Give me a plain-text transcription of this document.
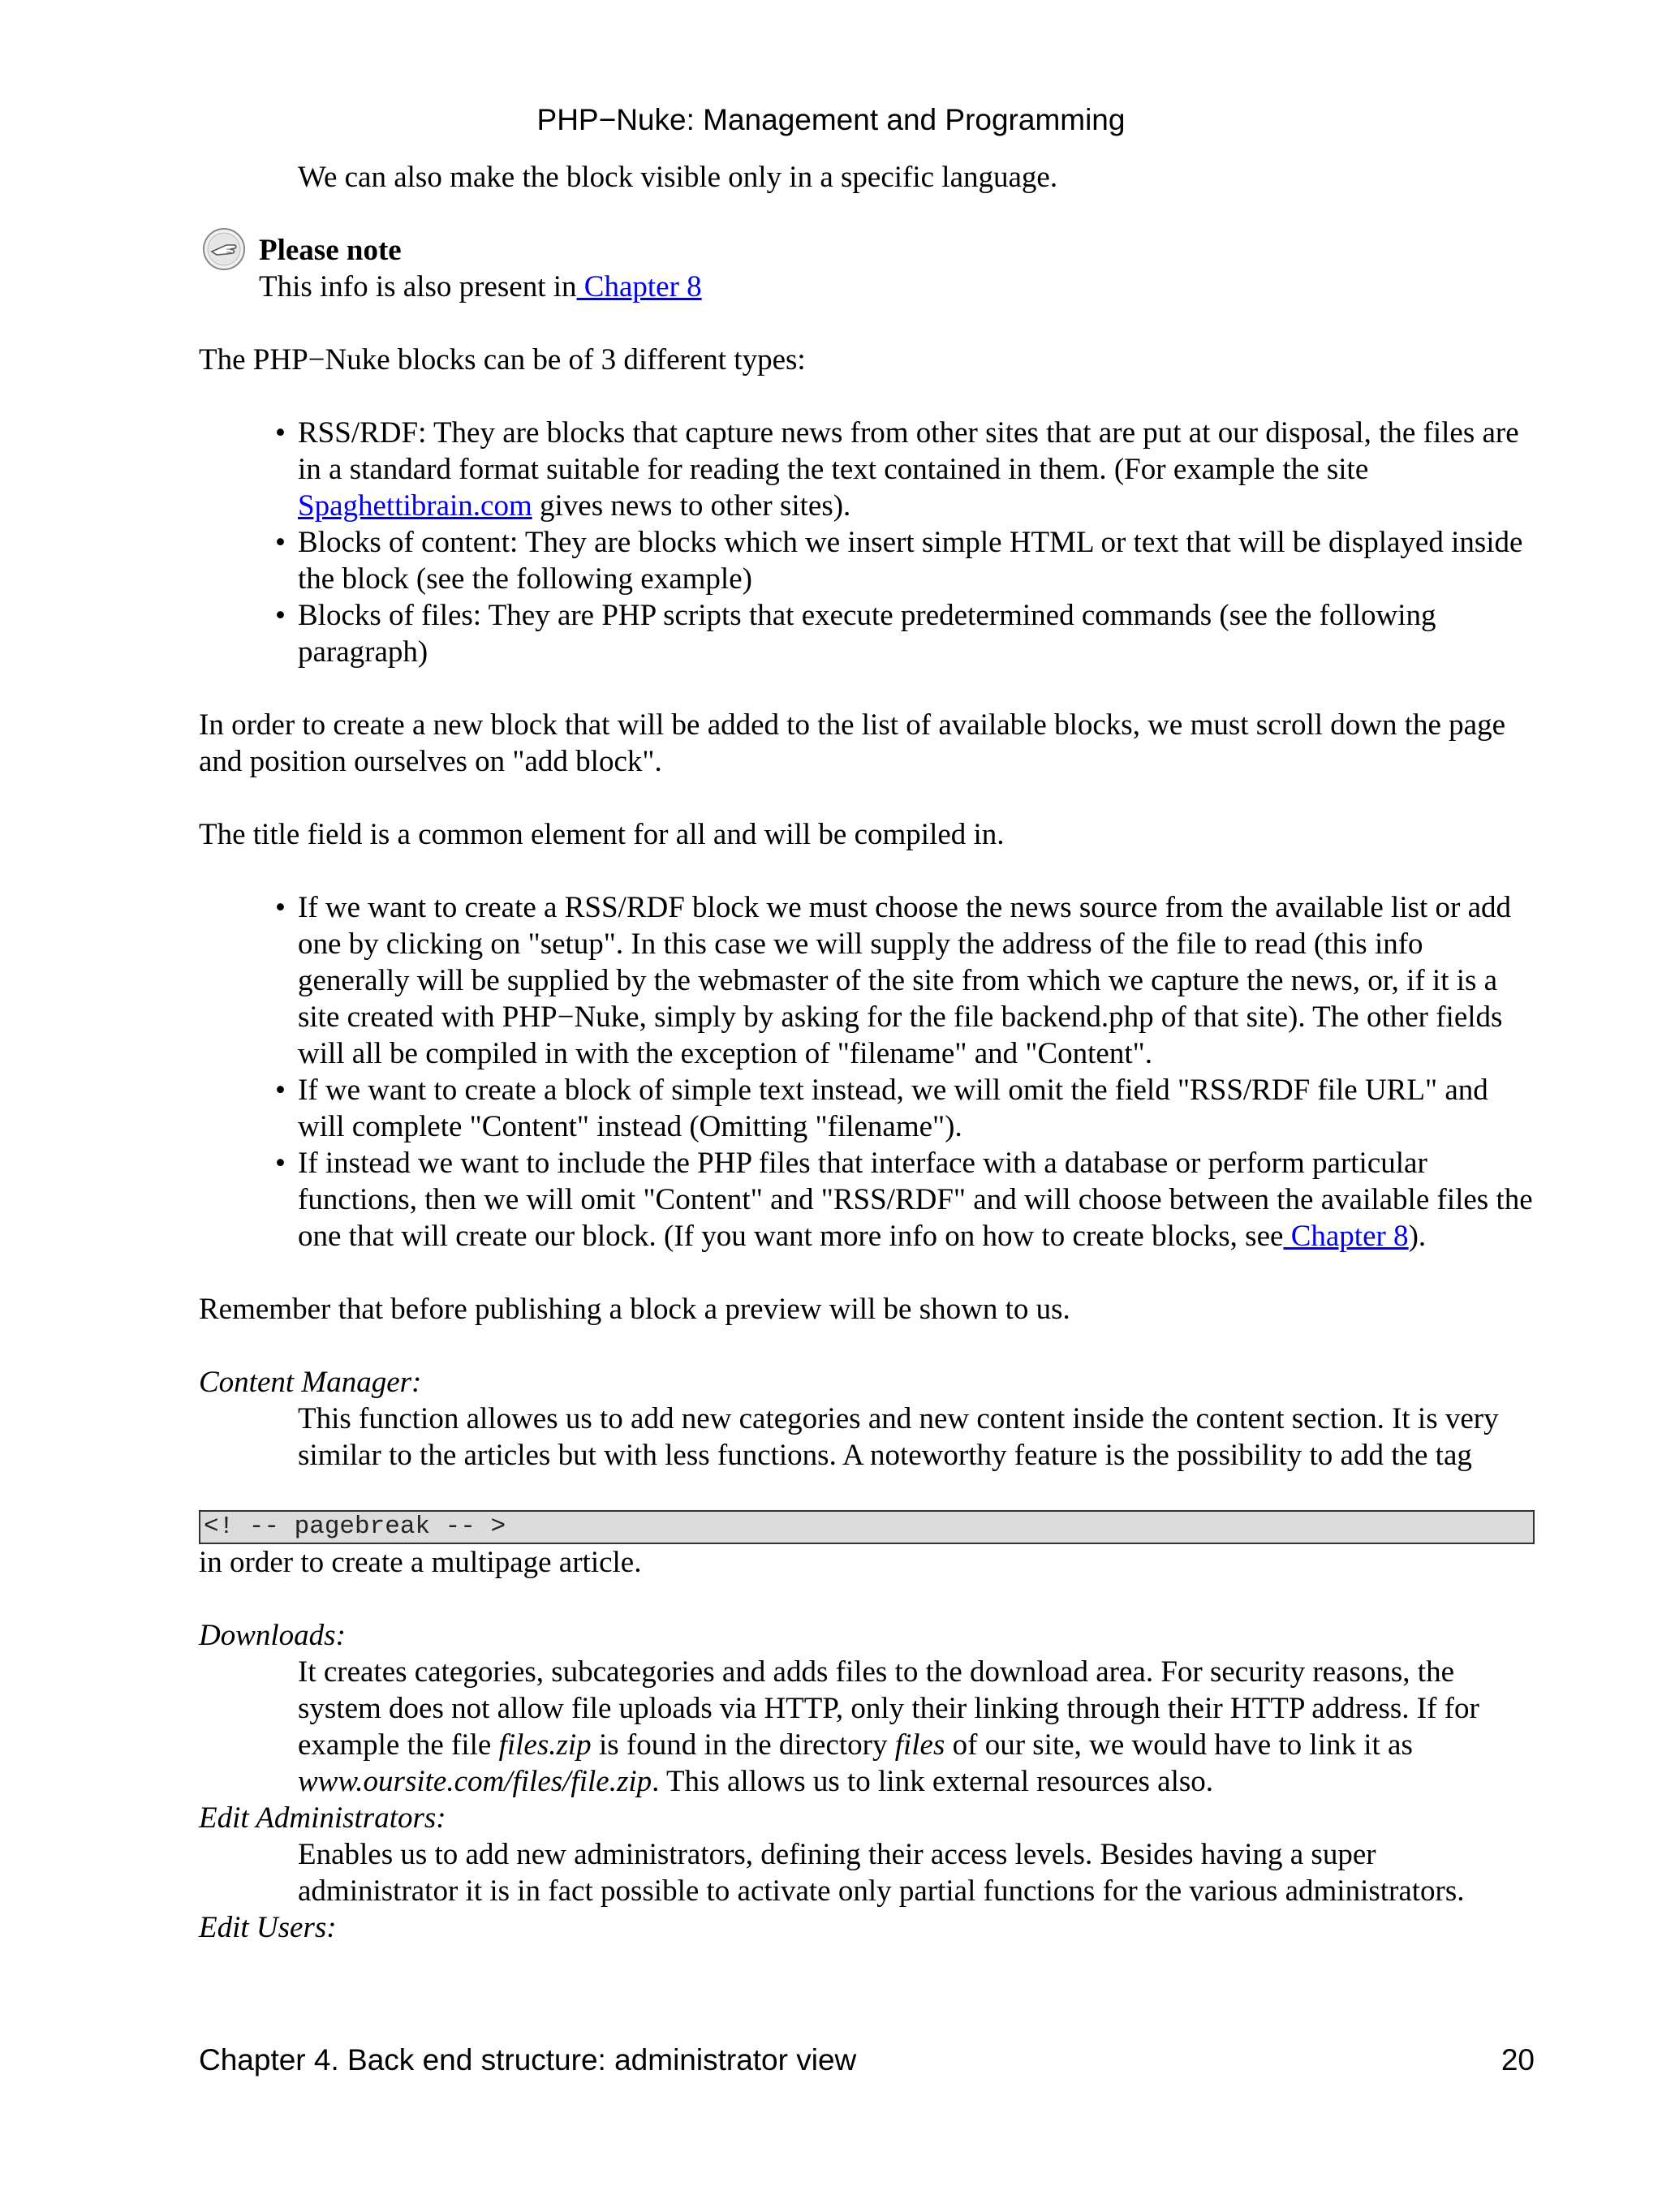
PHP−Nuke: Management and Programming

We can also make the block visible only in a specific language.

Please note

This info is also present in Chapter 8

The PHP−Nuke blocks can be of 3 different types:

• RSS/RDF: They are blocks that capture news from other sites that are put at our disposal, the files are in a standard format suitable for reading the text contained in them. (For example the site Spaghettibrain.com gives news to other sites).
• Blocks of content: They are blocks which we insert simple HTML or text that will be displayed inside the block (see the following example)
• Blocks of files: They are PHP scripts that execute predetermined commands (see the following paragraph)

In order to create a new block that will be added to the list of available blocks, we must scroll down the page and position ourselves on "add block".

The title field is a common element for all and will be compiled in.

• If we want to create a RSS/RDF block we must choose the news source from the available list or add one by clicking on "setup". In this case we will supply the address of the file to read (this info generally will be supplied by the webmaster of the site from which we capture the news, or, if it is a site created with PHP−Nuke, simply by asking for the file backend.php of that site). The other fields will all be compiled in with the exception of "filename" and "Content".
• If we want to create a block of simple text instead, we will omit the field "RSS/RDF file URL" and will complete "Content" instead (Omitting "filename").
• If instead we want to include the PHP files that interface with a database or perform particular functions, then we will omit "Content" and "RSS/RDF" and will choose between the available files the one that will create our block. (If you want more info on how to create blocks, see Chapter 8).

Remember that before publishing a block a preview will be shown to us.

Content Manager:

This function allowes us to add new categories and new content inside the content section. It is very similar to the articles but with less functions. A noteworthy feature is the possibility to add the tag

<! -- pagebreak -- >

in order to create a multipage article.

Downloads:

It creates categories, subcategories and adds files to the download area. For security reasons, the system does not allow file uploads via HTTP, only their linking through their HTTP address. If for example the file files.zip is found in the directory files of our site, we would have to link it as www.oursite.com/files/file.zip. This allows us to link external resources also.

Edit Administrators:

Enables us to add new administrators, defining their access levels. Besides having a super administrator it is in fact possible to activate only partial functions for the various administrators.

Edit Users:

Chapter 4. Back end structure: administrator view	20
